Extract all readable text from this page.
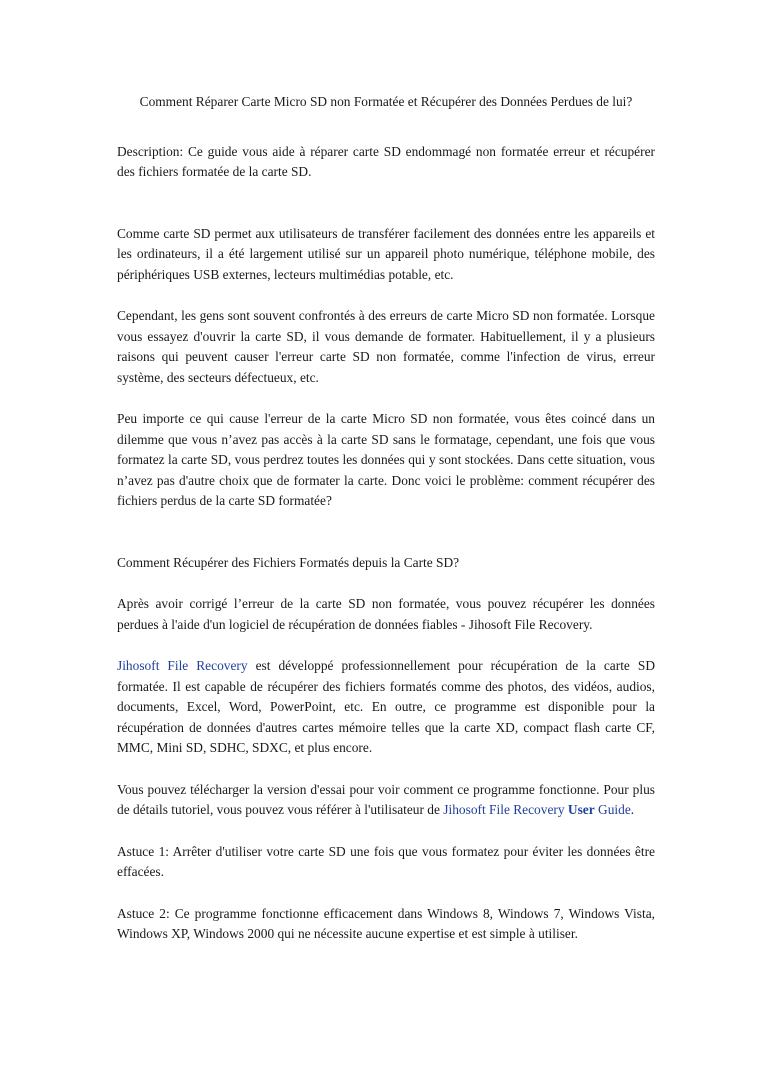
Comment Réparer Carte Micro SD non Formatée et Récupérer des Données Perdues de lui?

Description: Ce guide vous aide à réparer carte SD endommagé non formatée erreur et récupérer des fichiers formatée de la carte SD.

Comme carte SD permet aux utilisateurs de transférer facilement des données entre les appareils et les ordinateurs, il a été largement utilisé sur un appareil photo numérique, téléphone mobile, des périphériques USB externes, lecteurs multimédias potable, etc.

Cependant, les gens sont souvent confrontés à des erreurs de carte Micro SD non formatée. Lorsque vous essayez d'ouvrir la carte SD, il vous demande de formater. Habituellement, il y a plusieurs raisons qui peuvent causer l'erreur carte SD non formatée, comme l'infection de virus, erreur système, des secteurs défectueux, etc.

Peu importe ce qui cause l'erreur de la carte Micro SD non formatée, vous êtes coincé dans un dilemme que vous n’avez pas accès à la carte SD sans le formatage, cependant, une fois que vous formatez la carte SD, vous perdrez toutes les données qui y sont stockées. Dans cette situation, vous n’avez pas d'autre choix que de formater la carte. Donc voici le problème: comment récupérer des fichiers perdus de la carte SD formatée?

Comment Récupérer des Fichiers Formatés depuis la Carte SD?

Après avoir corrigé l’erreur de la carte SD non formatée, vous pouvez récupérer les données perdues à l'aide d'un logiciel de récupération de données fiables - Jihosoft File Recovery.

Jihosoft File Recovery est développé professionnellement pour récupération de la carte SD formatée. Il est capable de récupérer des fichiers formatés comme des photos, des vidéos, audios, documents, Excel, Word, PowerPoint, etc. En outre, ce programme est disponible pour la récupération de données d'autres cartes mémoire telles que la carte XD, compact flash carte CF, MMC, Mini SD, SDHC, SDXC, et plus encore.

Vous pouvez télécharger la version d'essai pour voir comment ce programme fonctionne. Pour plus de détails tutoriel, vous pouvez vous référer à l'utilisateur de Jihosoft File Recovery User Guide.

Astuce 1: Arrêter d'utiliser votre carte SD une fois que vous formatez pour éviter les données être effacées.

Astuce 2: Ce programme fonctionne efficacement dans Windows 8, Windows 7, Windows Vista, Windows XP, Windows 2000 qui ne nécessite aucune expertise et est simple à utiliser.
